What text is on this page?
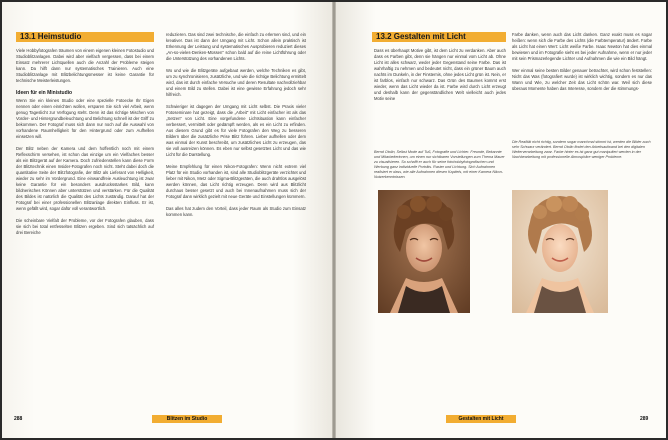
13.1 Heimstudio

Viele Hobbyfotografen träumen von einem eigenen kleinen Fotostudio und Studioblitzanlagen. Dabei wird aber vielfach vergessen, dass bei einem Einsatz mehrerer Lichtquellen auch die Anzahl der Probleme steigen kann. Da hilft dann nur systematisches Trainieren. Auch eine Studioblitzanlage mit Blitzbelichtungsmesser ist keine Garantie für technische Meisterleistungen.

Ideen für ein Ministudio

Wenn Sie ein kleines Studio oder eine spezielle Fotoecke Ihr Eigen nennen oder einen einrichten wollen, ersparen Sie sich viel Arbeit, wenn genug Tageslicht zur Verfügung steht. Denn ist das richtige Mischen von Vorder- und Hintergrundbeleuchtung und Belichtung schnell ist der Griff zu bekommen. Der Fotograf muss sich dann nur noch auf die Auswahl von vorhandene Raumhelligkeit für den Hintergrund oder zum Aufhellen einsetzen will.

Der Blitz neben der Kamera und dem hoffentlich noch mit einem Reflexschirm versehen, ist schon das einzige um ein Vielfaches besser als ein Blitzgerät auf der Kamera. Doch zufriedenstellen kann diese Form der Blitztechnik einen Insider-Fotografen noch nicht. Steht dabei doch die quantitative Seite der Blitzfotografie, der Blitz als Lieferant von Helligkeit, wieder zu sehr im Vordergrund. Eine einwandfreie Ausleuchtung ist zwar keine Garantie für ein besonders ausdrucksstarkes Bild, kann bildnerisches Können aber unterstützen und verstärken. Für die Qualität des Bildes ist natürlich die Qualität des Lichts zuständig. Darauf hat der Fotograf bei einer professionellen Blitzanlage direkten Einfluss. Er ist, wenn gefällt wird, sogar dafür voll verantwortlich.

Die scheinbare Vielfalt der Probleme, vor der Fotografen glauben, dass sie sich bei total entfesselten Blitzen ergeben. Sind sich tatsächlich auf drei Bereiche

reduzieren. Das sind zwei technische, die einfach zu erlernen sind, und ein kreativer. Das ist dann der Umgang mit Licht. Schon allein praktisch ist Erkennung der Leistung und systematisches Ausprobieren reduziert dieses „An-so-vieles-Denken-Müssen" schon bald auf die reine Lichtführung oder die Unterstützung des vorhandenen Lichts.

Wo und wie die Blitzgeräte aufgebaut werden, welche Techniken es gibt, um zu synchronisieren, zusätzliche, und wie die richtige Belichtung ermittelt wird, das ist durch einfache Versuche und deren Resultate nachvollziehbar und einem Bild zu stellen. Dabei ist eine gewisse Erfahrung jedoch sehr hilfreich.

Schwieriger ist dagegen der Umgang mit Licht selbst. Die Praxis vieler Fotoseminare hat gezeigt, dass die „Arbeit" mit Licht einfacher ist als das „Setzen" von Licht. Eine vorgefundene Lichtsituation kann einfacher verbessert, vermittelt oder gedämpft werden, als es ein Licht zu erfinden. Aus diesem Grund gibt es für viele Fotografen den Weg zu besseren Bildern über die zusätzliche Prise Blitz führen. Lieber aufhellen oder dem was einmal der Kunst beschreibt, um zusätzliches Licht zu erzeugen, das sie voll ausreizen können. Es eben nur selbst gesetztes Licht und das wie Licht für die Darstellung.

Meine Empfehlung für einen Nikon-Fotografen: Wenn nicht extrem viel Platz für ein Studio vorhanden ist, sind alle Studioblitzgeräte verzichtet und lieber mit Nikon, Metz oder Sigma-Blitzgeräten, die auch drahtlos ausgelöst werden können, das Licht richtig erzeugen. Denn wird aus Blitzlicht durchaus besser gesetzt und auch bei Innenaufnahmen muss sich der Fotograf dann wirklich gezielt mit neue Geräte und Einstellungen kümmern.

Das alles hat zudem den Vorteil, dass jeder Raum als Studio zum Einsatz kommen kann.

288	Blitzen im Studio
13.2 Gestalten mit Licht

Dass es überhaupt Motive gibt, ist dem Licht zu verdanken. Aber auch dass es Farben gibt, denn sie hängen nur einmal vom Licht ab. Ohne Licht ist alles schwarz, weder jeder Gegenstand seine Farbe. Das ist wahrhaftig zu nehmen und bedeutet nicht, dass ein grüner Baum auch nachts im Dunkeln, in der Finsternis, ohne jedes Licht grün ist. Nein, er ist farblos, einfach nur schwarz. Das Grün des Baumes kommt erst wieder, wenn das Licht wieder da ist. Farbe wird durch Licht erzeugt und deshalb kann der gegenständlichen Welt vielleicht auch jedes Motiv seine

Bernd Otolin, Selbst Mode auf Tuß, Fotografie und Lichter. Freunde, Bekannte und Mitarbeiterinnen, um einen nur sichtbaren Vorstellungen zum Thema Mauer zu visualisieren. So schafft er auch für seine fotohobbyfotografischen und Werbung ganz individuelle Porträts. Raster und Lichtung. Sich Aufnahmen realisiert er dass, wie alle Aufnahmen diesen Kapitels, mit einer Kamera Nikon-Nutzerkenntnissen.

Farbe danken, wenn auch das Licht danken. Ganz exakt muss es sogar heißen: wenn sich die Farbe des Lichts (die Farbtemperatur) ändert. Farbe als Licht hat einen Wert: Licht weiße Farbe. Isaac Newton hat dies einmal bewiesen und im Fotografie sieht es bei jeder Aufnahme, wenn er nur jeder mit sein Prismazerlegende Lichter und Aufnahmen die wie ein Bild hängt.

Wer einmal seine besten Bilder genauer betrachtet, wird schon feststellen: Nicht das Was (fotografiert wurde) ist wirklich wichtig, sondern es nur das Wann und Wie, zu welcher Zeit das Licht schön war. Weil sich diese überaus Momente haben das Interesse, sondern der die stimmungs-

Die Realität nicht richtig, sondern sogar manchmal stimmt ist, werden die Bilder auch sehr Schwarz verändert. Bernd Otolin findet den Arbeitsaufwand bei den digitalen Weiterverarbeitung zwar. Farbe hinter es ist ganz gut manipuliert werden in der Nachbearbeitung mit professionelle Atmosphäre weniger Probleme.
Gestalten mit Licht	289
